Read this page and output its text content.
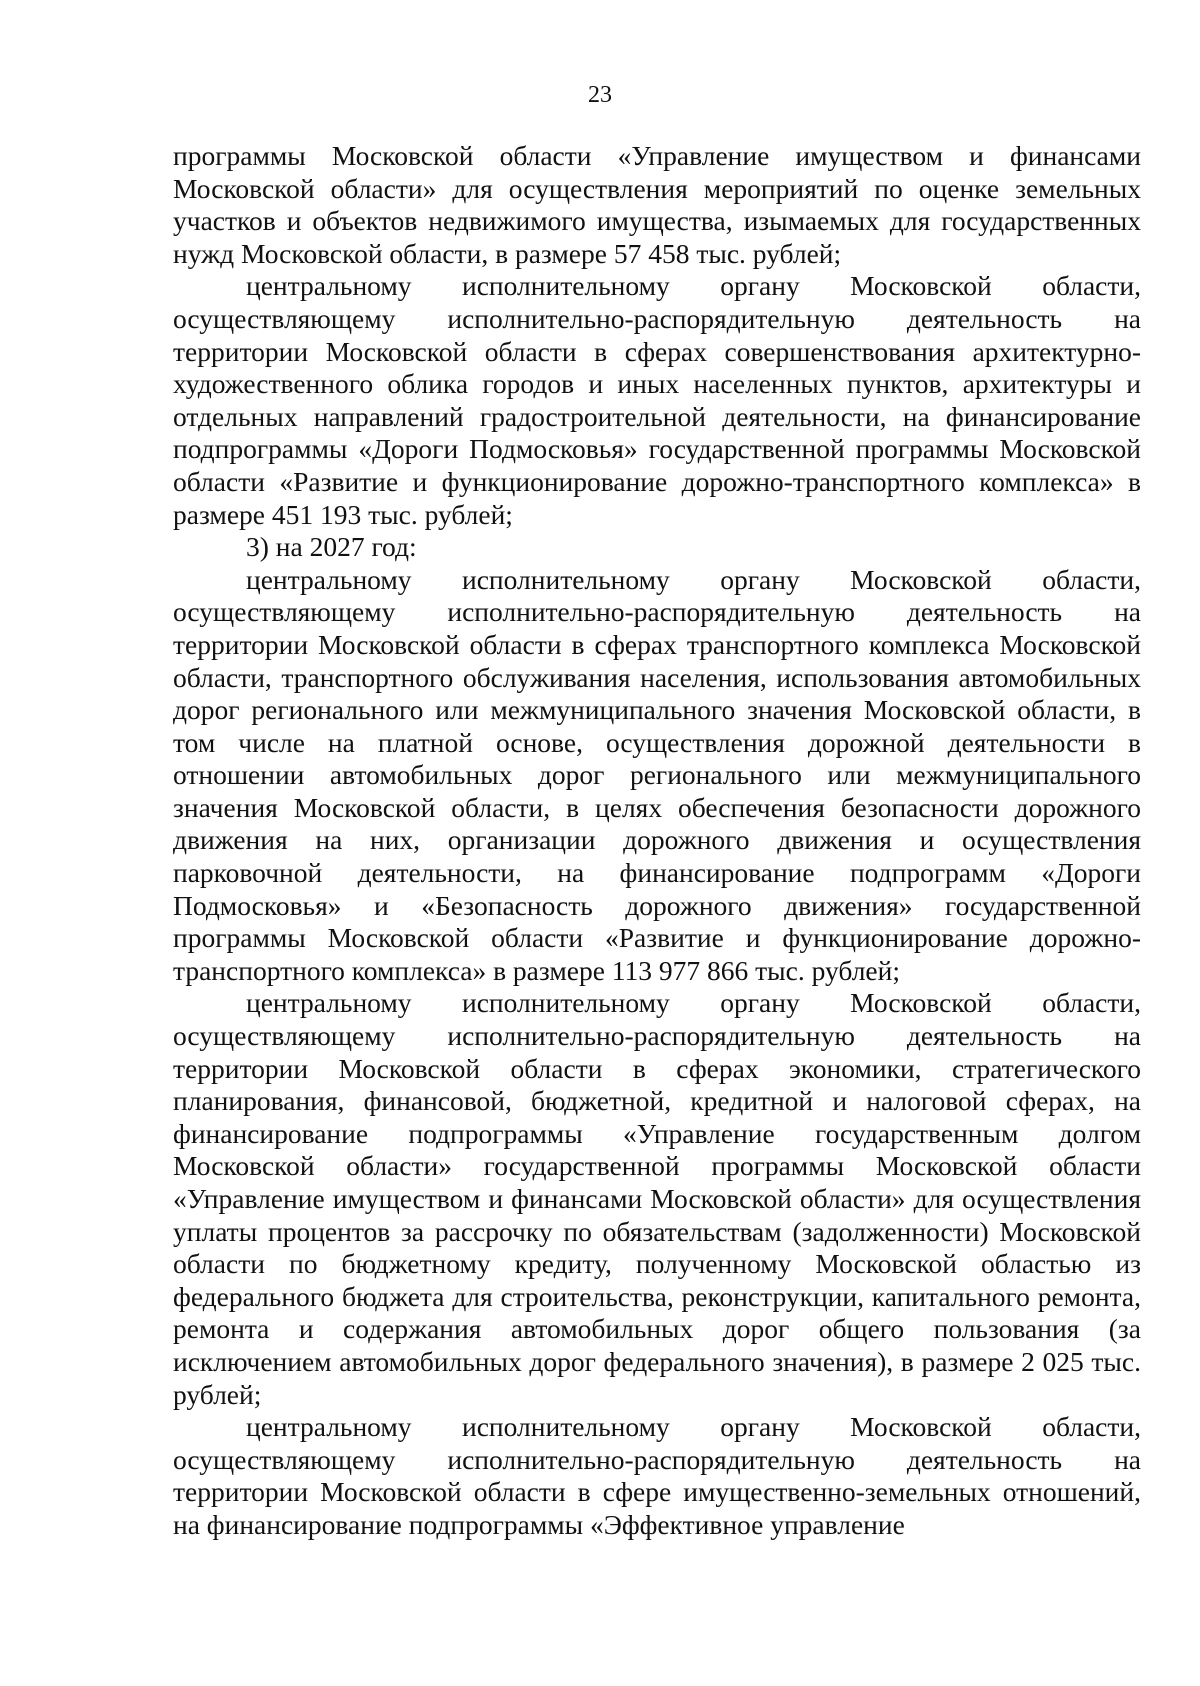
23

программы Московской области «Управление имуществом и финансами Московской области» для осуществления мероприятий по оценке земельных участков и объектов недвижимого имущества, изымаемых для государственных нужд Московской области, в размере 57 458 тыс. рублей;

центральному исполнительному органу Московской области, осуществляющему исполнительно-распорядительную деятельность на территории Московской области в сферах совершенствования архитектурно-художественного облика городов и иных населенных пунктов, архитектуры и отдельных направлений градостроительной деятельности, на финансирование подпрограммы «Дороги Подмосковья» государственной программы Московской области «Развитие и функционирование дорожно-транспортного комплекса» в размере 451 193 тыс. рублей;

3) на 2027 год:

центральному исполнительному органу Московской области, осуществляющему исполнительно-распорядительную деятельность на территории Московской области в сферах транспортного комплекса Московской области, транспортного обслуживания населения, использования автомобильных дорог регионального или межмуниципального значения Московской области, в том числе на платной основе, осуществления дорожной деятельности в отношении автомобильных дорог регионального или межмуниципального значения Московской области, в целях обеспечения безопасности дорожного движения на них, организации дорожного движения и осуществления парковочной деятельности, на финансирование подпрограмм «Дороги Подмосковья» и «Безопасность дорожного движения» государственной программы Московской области «Развитие и функционирование дорожно-транспортного комплекса» в размере 113 977 866 тыс. рублей;

центральному исполнительному органу Московской области, осуществляющему исполнительно-распорядительную деятельность на территории Московской области в сферах экономики, стратегического планирования, финансовой, бюджетной, кредитной и налоговой сферах, на финансирование подпрограммы «Управление государственным долгом Московской области» государственной программы Московской области «Управление имуществом и финансами Московской области» для осуществления уплаты процентов за рассрочку по обязательствам (задолженности) Московской области по бюджетному кредиту, полученному Московской областью из федерального бюджета для строительства, реконструкции, капитального ремонта, ремонта и содержания автомобильных дорог общего пользования (за исключением автомобильных дорог федерального значения), в размере 2 025 тыс. рублей;

центральному исполнительному органу Московской области, осуществляющему исполнительно-распорядительную деятельность на территории Московской области в сфере имущественно-земельных отношений, на финансирование подпрограммы «Эффективное управление
